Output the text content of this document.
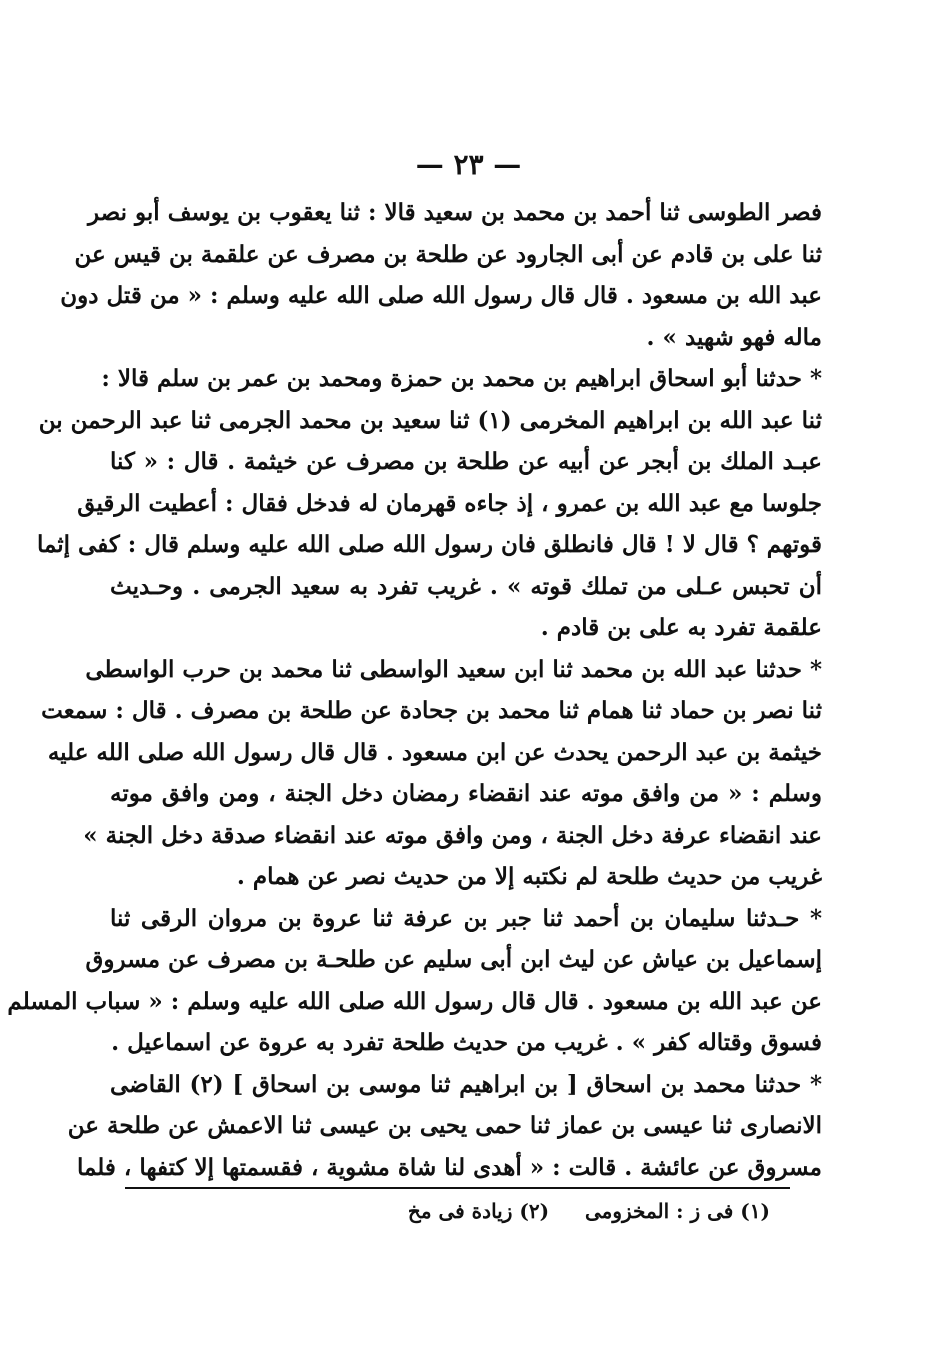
— ٢٣ —
فصر الطوسى ثنا أحمد بن محمد بن سعيد قالا : ثنا يعقوب بن يوسف أبو نصر
ثنا على بن قادم عن أبى الجارود عن طلحة بن مصرف عن علقمة بن قيس عن
عبد الله بن مسعود . قال قال رسول الله صلى الله عليه وسلم : « من قتل دون
ماله فهو شهيد » .
* حدثنا أبو اسحاق ابراهيم بن محمد بن حمزة ومحمد بن عمر بن سلم قالا :
ثنا عبد الله بن ابراهيم المخرمى (١) ثنا سعيد بن محمد الجرمى ثنا عبد الرحمن بن
عبـد الملك بن أبجر عن أبيه عن طلحة بن مصرف عن خيثمة . قال : « كنا
جلوسا مع عبد الله بن عمرو ، إذ جاءه قهرمان له فدخل فقال : أعطيت الرقيق
قوتهم ؟ قال لا ! قال فانطلق فان رسول الله صلى الله عليه وسلم قال : كفى إثما
أن تحبس عـلى من تملك قوته » . غريب تفرد به سعيد الجرمى . وحـديث
علقمة تفرد به على بن قادم .
* حدثنا عبد الله بن محمد ثنا ابن سعيد الواسطى ثنا محمد بن حرب الواسطى
ثنا نصر بن حماد ثنا همام ثنا محمد بن جحادة عن طلحة بن مصرف . قال : سمعت
خيثمة بن عبد الرحمن يحدث عن ابن مسعود . قال قال رسول الله صلى الله عليه
وسلم : « من وافق موته عند انقضاء رمضان دخل الجنة ، ومن وافق موته
عند انقضاء عرفة دخل الجنة ، ومن وافق موته عند انقضاء صدقة دخل الجنة »
غريب من حديث طلحة لم نكتبه إلا من حديث نصر عن همام .
* حـدثنا سليمان بن أحمد ثنا جبر بن عرفة ثنا عروة بن مروان الرقى ثنا
إسماعيل بن عياش عن ليث ابن أبى سليم عن طلحـة بن مصرف عن مسروق
عن عبد الله بن مسعود . قال قال رسول الله صلى الله عليه وسلم : « سباب المسلم
فسوق وقتاله كفر » . غريب من حديث طلحة تفرد به عروة عن اسماعيل .
* حدثنا محمد بن اسحاق [ بن ابراهيم ثنا موسى بن اسحاق ] (٢) القاضى
الانصارى ثنا عيسى بن عماز ثنا حمى يحيى بن عيسى ثنا الاعمش عن طلحة عن
مسروق عن عائشة . قالت : « أهدى لنا شاة مشوية ، فقسمتها إلا كتفها ، فلما
(١) فى ز : المخزومى  (٢) زيادة فى مخ
